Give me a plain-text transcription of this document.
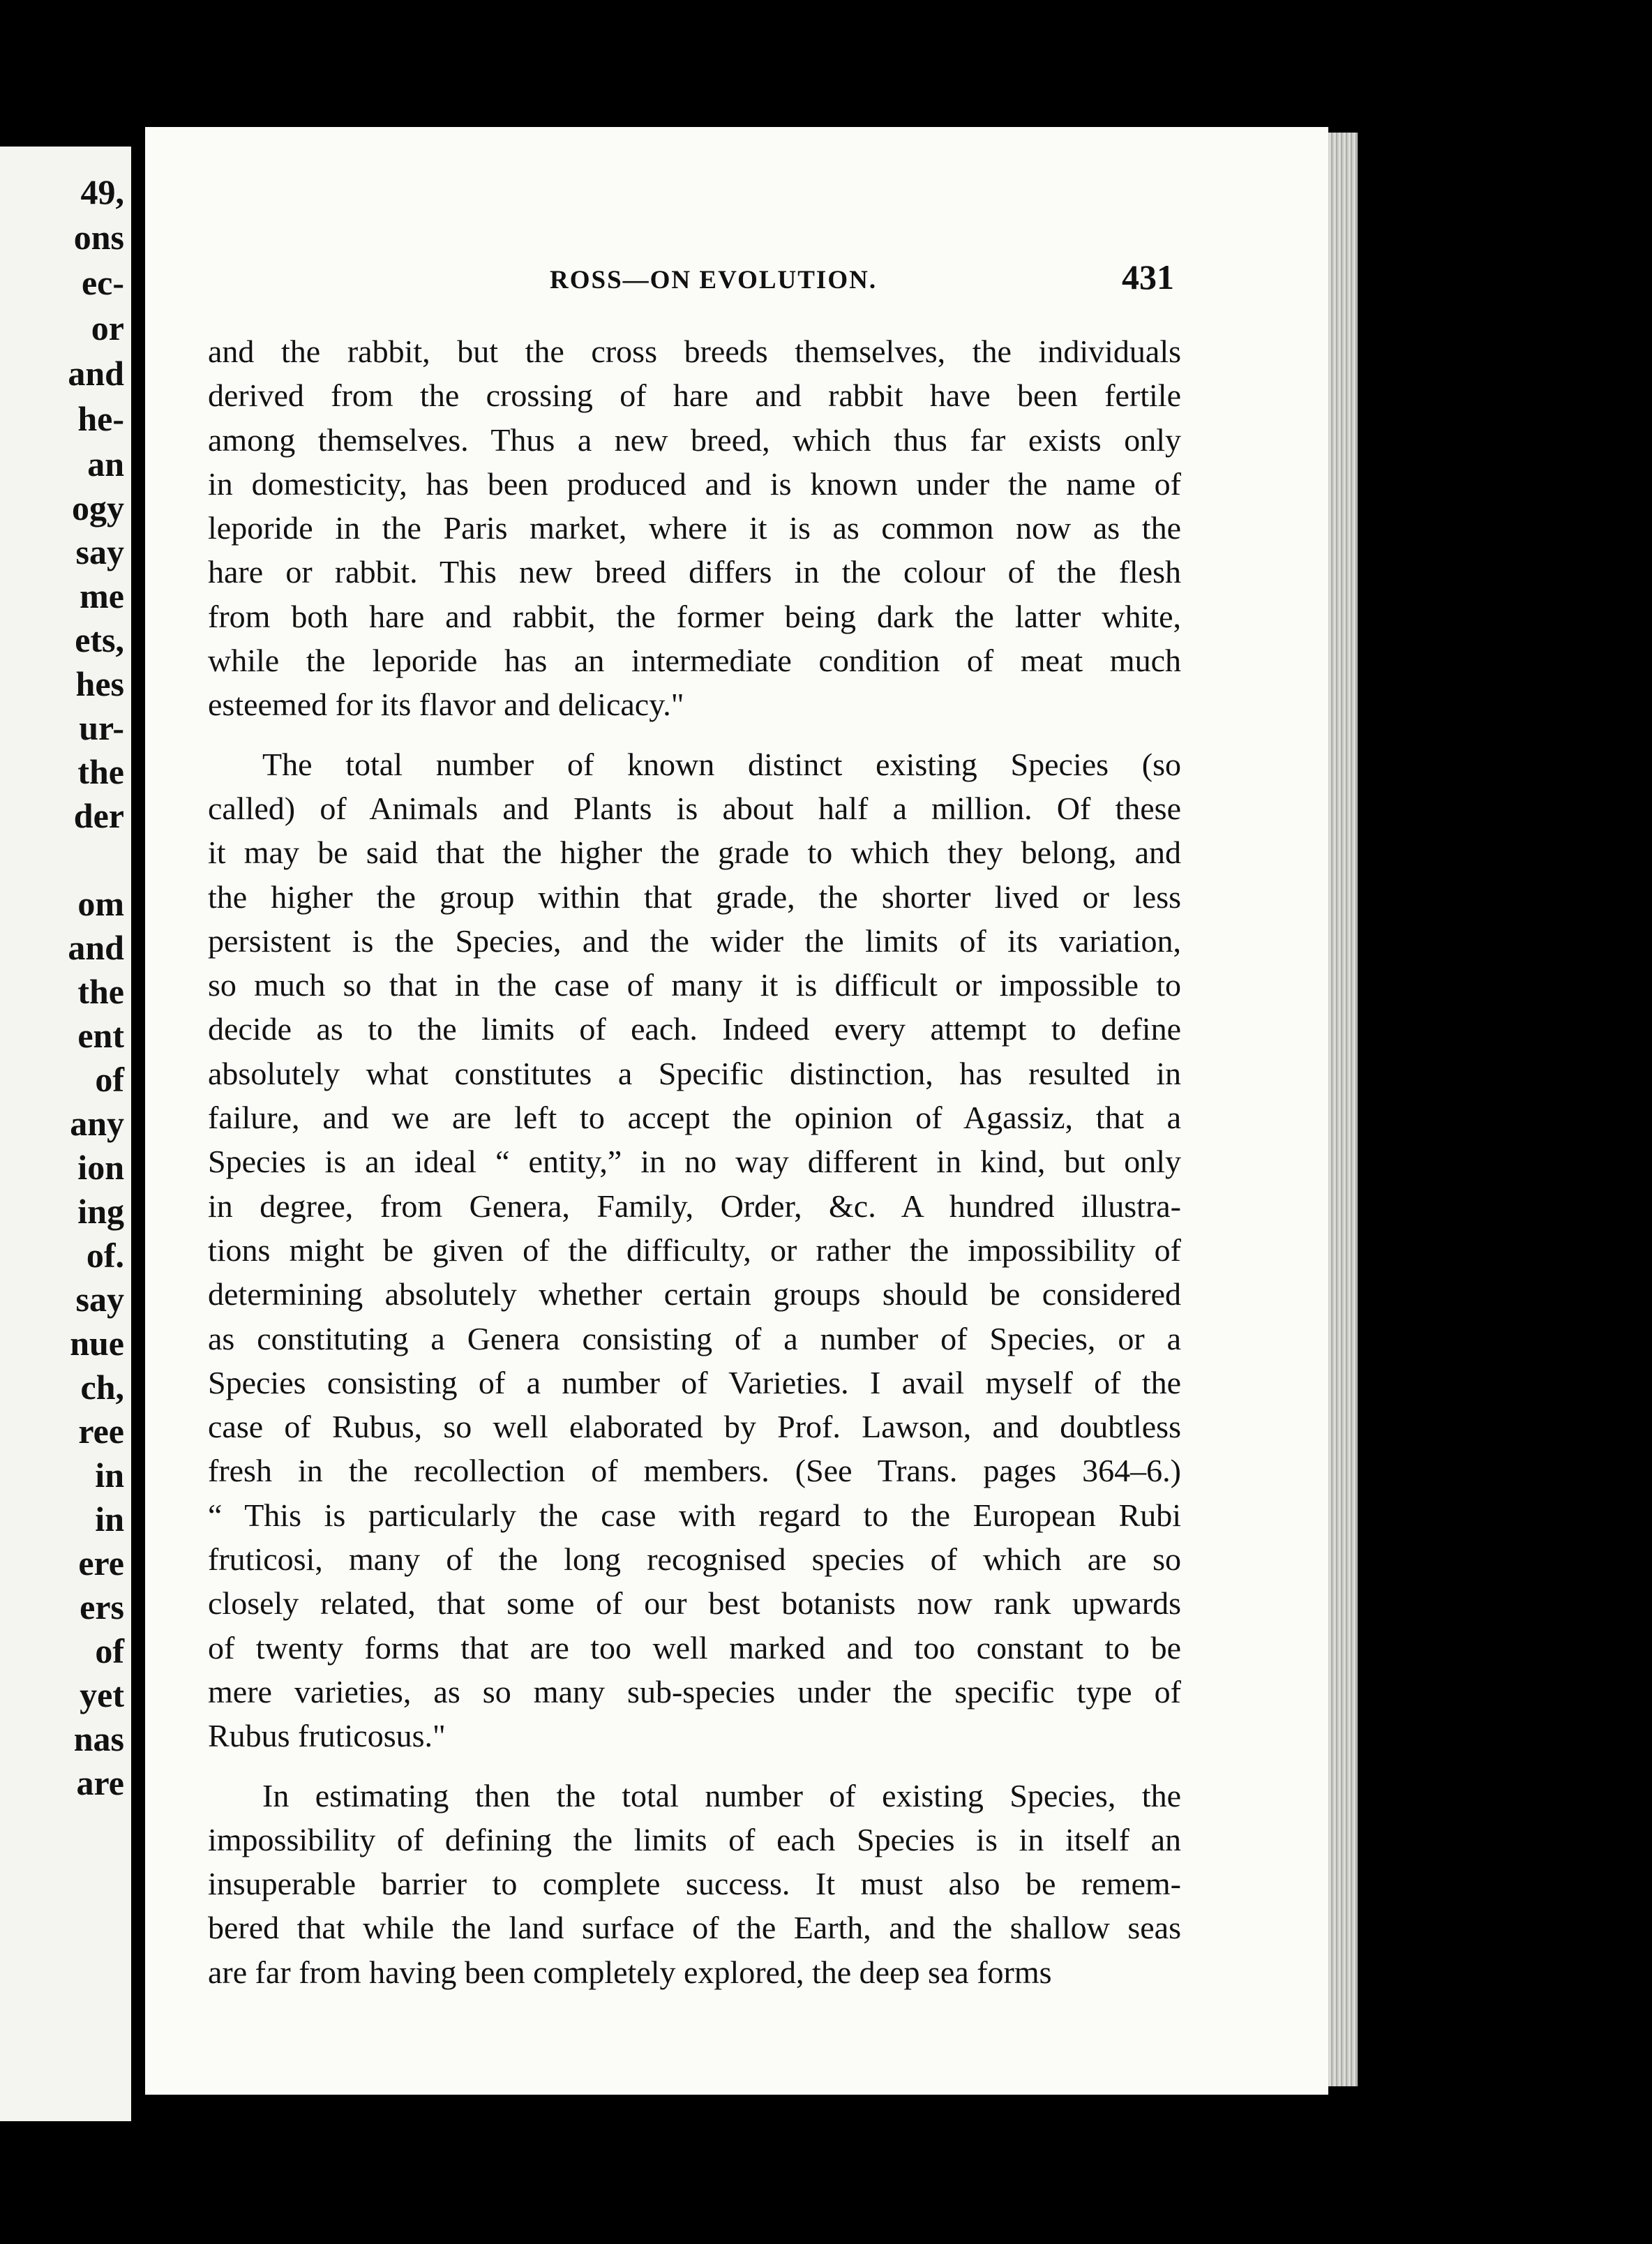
49,
ons
ec-
or
and
he-
an
ogy
say
me
ets,
hes
ur-
the
der
om
and
the
ent
of
any
ion
ing
of.
say
nue
ch,
ree
in
in
ere
ers
of
yet
nas
are
ROSS—ON EVOLUTION.	431
and the rabbit, but the cross breeds themselves, the individuals
derived from the crossing of hare and rabbit have been fertile
among themselves. Thus a new breed, which thus far exists only
in domesticity, has been produced and is known under the name of
leporide in the Paris market, where it is as common now as the
hare or rabbit. This new breed differs in the colour of the flesh
from both hare and rabbit, the former being dark the latter white,
while the leporide has an intermediate condition of meat much
esteemed for its flavor and delicacy."
The total number of known distinct existing Species (so
called) of Animals and Plants is about half a million. Of these
it may be said that the higher the grade to which they belong, and
the higher the group within that grade, the shorter lived or less
persistent is the Species, and the wider the limits of its variation,
so much so that in the case of many it is difficult or impossible to
decide as to the limits of each. Indeed every attempt to define
absolutely what constitutes a Specific distinction, has resulted in
failure, and we are left to accept the opinion of Agassiz, that a
Species is an ideal “ entity,” in no way different in kind, but only
in degree, from Genera, Family, Order, &c. A hundred illustra-
tions might be given of the difficulty, or rather the impossibility of
determining absolutely whether certain groups should be considered
as constituting a Genera consisting of a number of Species, or a
Species consisting of a number of Varieties. I avail myself of the
case of Rubus, so well elaborated by Prof. Lawson, and doubtless
fresh in the recollection of members. (See Trans. pages 364–6.)
“ This is particularly the case with regard to the European Rubi
fruticosi, many of the long recognised species of which are so
closely related, that some of our best botanists now rank upwards
of twenty forms that are too well marked and too constant to be
mere varieties, as so many sub-species under the specific type of
Rubus fruticosus."
In estimating then the total number of existing Species, the
impossibility of defining the limits of each Species is in itself an
insuperable barrier to complete success. It must also be remem-
bered that while the land surface of the Earth, and the shallow seas
are far from having been completely explored, the deep sea forms
